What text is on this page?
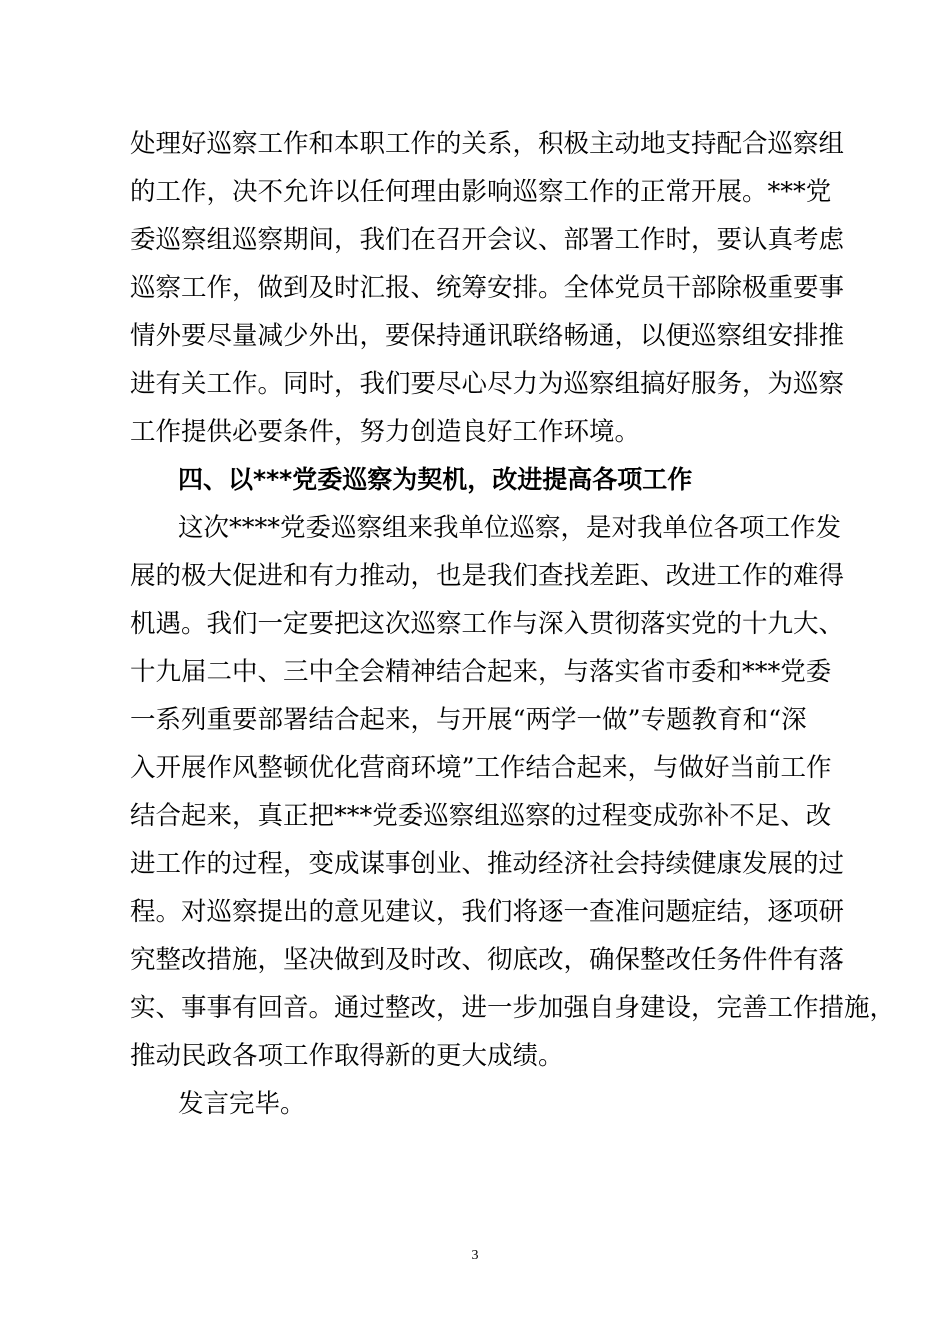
处理好巡察工作和本职工作的关系，积极主动地支持配合巡察组
的工作，决不允许以任何理由影响巡察工作的正常开展。***党
委巡察组巡察期间，我们在召开会议、部署工作时，要认真考虑
巡察工作，做到及时汇报、统筹安排。全体党员干部除极重要事
情外要尽量减少外出，要保持通讯联络畅通，以便巡察组安排推
进有关工作。同时，我们要尽心尽力为巡察组搞好服务，为巡察
工作提供必要条件，努力创造良好工作环境。
四、以***党委巡察为契机，改进提高各项工作
这次****党委巡察组来我单位巡察，是对我单位各项工作发
展的极大促进和有力推动，也是我们查找差距、改进工作的难得
机遇。我们一定要把这次巡察工作与深入贯彻落实党的十九大、
十九届二中、三中全会精神结合起来，与落实省市委和***党委
一系列重要部署结合起来，与开展“两学一做”专题教育和“深
入开展作风整顿优化营商环境”工作结合起来，与做好当前工作
结合起来，真正把***党委巡察组巡察的过程变成弥补不足、改
进工作的过程，变成谋事创业、推动经济社会持续健康发展的过
程。对巡察提出的意见建议，我们将逐一查准问题症结，逐项研
究整改措施，坚决做到及时改、彻底改，确保整改任务件件有落
实、事事有回音。通过整改，进一步加强自身建设，完善工作措施，
推动民政各项工作取得新的更大成绩。
发言完毕。
3
